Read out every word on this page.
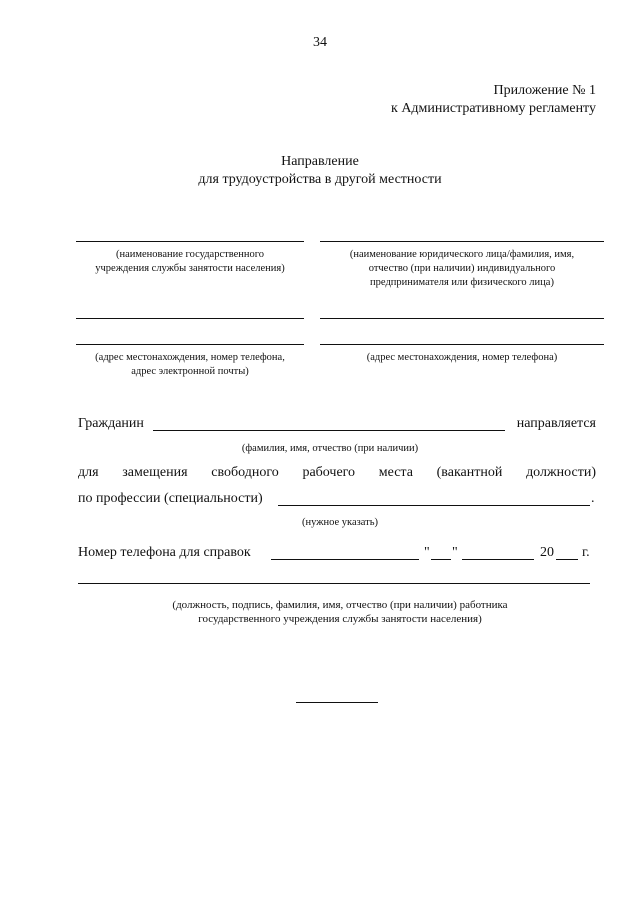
34
Приложение № 1
к Административному регламенту
Направление
для трудоустройства в другой местности
(наименование государственного
учреждения службы занятости населения)
(наименование юридического лица/фамилия, имя,
отчество (при наличии) индивидуального
предпринимателя или физического лица)
(адрес местонахождения, номер телефона,
адрес электронной почты)
(адрес местонахождения, номер телефона)
Гражданин	направляется
(фамилия, имя, отчество (при наличии)
для замещения свободного рабочего места (вакантной должности)
по профессии (специальности)	.
(нужное указать)
Номер телефона для справок	" "	20 г.
(должность, подпись, фамилия, имя, отчество (при наличии) работника
государственного учреждения службы занятости населения)
